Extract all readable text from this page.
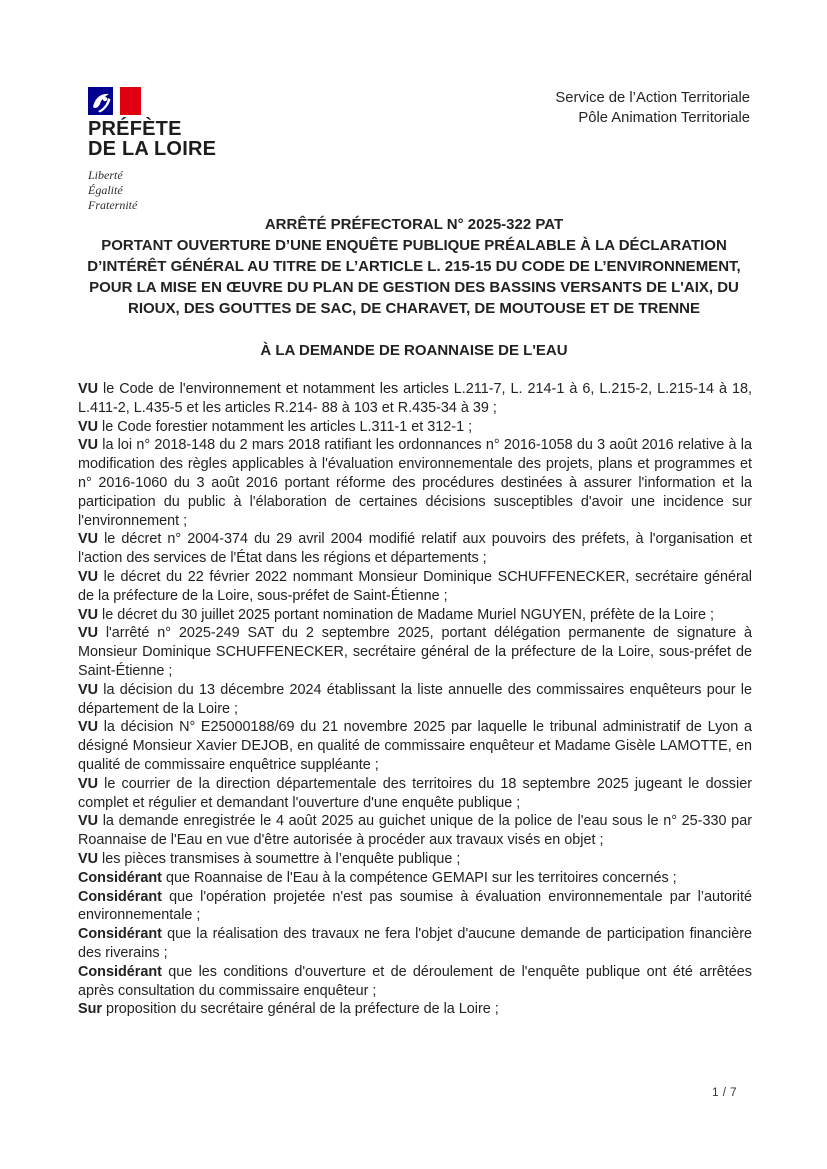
PRÉFÈTE
DE LA LOIRE
Liberté
Égalité
Fraternité
Service de l’Action Territoriale
Pôle Animation Territoriale
ARRÊTÉ PRÉFECTORAL N° 2025-322 PAT
PORTANT OUVERTURE D’UNE ENQUÊTE PUBLIQUE PRÉALABLE À LA DÉCLARATION D’INTÉRÊT GÉNÉRAL AU TITRE DE L’ARTICLE L. 215-15 DU CODE DE L’ENVIRONNEMENT, POUR LA MISE EN ŒUVRE DU PLAN DE GESTION DES BASSINS VERSANTS DE L'AIX, DU RIOUX, DES GOUTTES DE SAC, DE CHARAVET, DE MOUTOUSE ET DE TRENNE
À LA DEMANDE DE ROANNAISE DE L'EAU

VU le Code de l'environnement et notamment les articles L.211-7, L. 214-1 à 6, L.215-2, L.215-14 à 18, L.411-2, L.435-5 et les articles R.214- 88 à 103 et R.435-34 à 39 ;

VU le Code forestier notamment les articles L.311-1 et 312-1 ;

VU la loi n° 2018-148 du 2 mars 2018 ratifiant les ordonnances n° 2016-1058 du 3 août 2016 relative à la modification des règles applicables à l'évaluation environnementale des projets, plans et programmes et n° 2016-1060 du 3 août 2016 portant réforme des procédures destinées à assurer l'information et la participation du public à l'élaboration de certaines décisions susceptibles d'avoir une incidence sur l'environnement ;

VU le décret n° 2004-374 du 29 avril 2004 modifié relatif aux pouvoirs des préfets, à l'organisation et l'action des services de l'État dans les régions et départements ;

VU le décret du 22 février 2022 nommant Monsieur Dominique SCHUFFENECKER, secrétaire général de la préfecture de la Loire, sous-préfet de Saint-Étienne ;

VU le décret du 30 juillet 2025 portant nomination de Madame Muriel NGUYEN, préfète de la Loire ;

VU l'arrêté n° 2025-249 SAT du 2 septembre 2025, portant délégation permanente de signature à Monsieur Dominique SCHUFFENECKER, secrétaire général de la préfecture de la Loire, sous-préfet de Saint-Étienne ;

VU la décision du 13 décembre 2024 établissant la liste annuelle des commissaires enquêteurs pour le département de la Loire ;

VU la décision N° E25000188/69 du 21 novembre 2025 par laquelle le tribunal administratif de Lyon a désigné Monsieur Xavier DEJOB, en qualité de commissaire enquêteur et Madame Gisèle LAMOTTE, en qualité de commissaire enquêtrice suppléante ;

VU le courrier de la direction départementale des territoires du 18 septembre 2025 jugeant le dossier complet et régulier et demandant l'ouverture d'une enquête publique ;

VU la demande enregistrée le 4 août 2025 au guichet unique de la police de l'eau sous le n° 25-330 par Roannaise de l'Eau en vue d'être autorisée à procéder aux travaux visés en objet ;

VU les pièces transmises à soumettre à l’enquête publique ;

Considérant que Roannaise de l'Eau à la compétence GEMAPI sur les territoires concernés ;

Considérant que l'opération projetée n'est pas soumise à évaluation environnementale par l’autorité environnementale ;

Considérant que la réalisation des travaux ne fera l'objet d'aucune demande de participation financière des riverains ;

Considérant que les conditions d'ouverture et de déroulement de l'enquête publique ont été arrêtées après consultation du commissaire enquêteur ;

Sur proposition du secrétaire général de la préfecture de la Loire ;

1 / 7
